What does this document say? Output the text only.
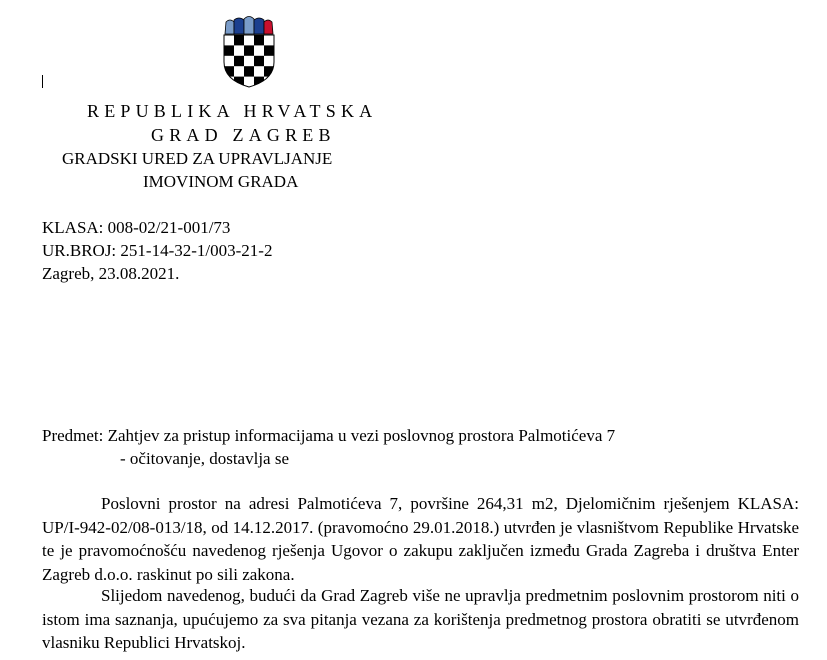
REPUBLIKA HRVATSKA
GRAD ZAGREB
GRADSKI URED ZA UPRAVLJANJE
IMOVINOM GRADA
KLASA: 008-02/21-001/73
UR.BROJ: 251-14-32-1/003-21-2
Zagreb, 23.08.2021.
Predmet: Zahtjev za pristup informacijama u vezi poslovnog prostora Palmotićeva 7
- očitovanje, dostavlja se
Poslovni prostor na adresi Palmotićeva 7, površine 264,31 m2, Djelomičnim rješenjem KLASA: UP/I-942-02/08-013/18, od 14.12.2017. (pravomoćno 29.01.2018.) utvrđen je vlasništvom Republike Hrvatske te je pravomoćnošću navedenog rješenja Ugovor o zakupu zaključen između Grada Zagreba i društva Enter Zagreb d.o.o. raskinut po sili zakona.
Slijedom navedenog, budući da Grad Zagreb više ne upravlja predmetnim poslovnim prostorom niti o istom ima saznanja, upućujemo za sva pitanja vezana za korištenja predmetnog prostora obratiti se utvrđenom vlasniku Republici Hrvatskoj.
